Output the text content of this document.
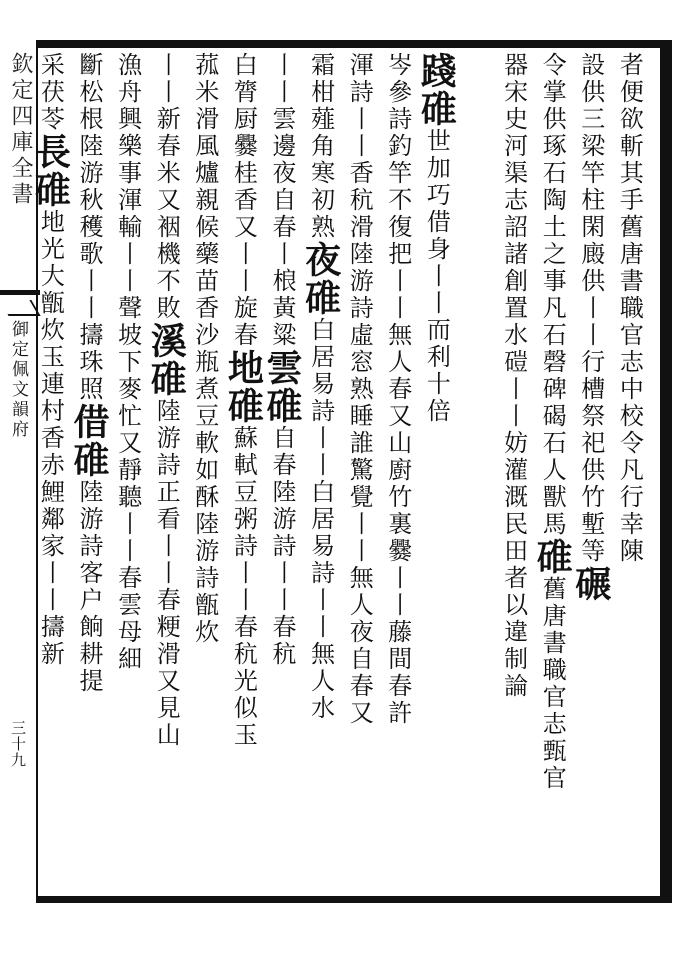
欽定四庫全書
御定佩文韻府
三十九
者便欲斬其手舊唐書職官志中校令凡行幸陳
設供三梁竿柱閑廄供丨丨行槽祭祀供竹塹等碾
令掌供琢石陶土之事凡石磬碑碣石人獸馬碓舊唐書職官志甄官
器宋史河渠志詔諸創置水磑丨丨妨灌溉民田者以違制論
踐碓世加巧借身丨丨而利十倍
岑參詩釣竿不復把丨丨無人春又山廚竹裏爨丨丨藤間春許
渾詩丨丨香秔滑陸游詩虛窓熟睡誰驚覺丨丨無人夜自春又
霜柑薤角寒初熟夜碓白居易詩丨丨白居易詩丨丨無人水
丨丨雲邊夜自春丨桹黃粱雲碓自春陸游詩丨丨春秔
白膂厨爨桂香又丨丨旋春地碓蘇軾豆粥詩丨丨春秔光似玉
菰米滑風爐親候藥苗香沙瓶煮豆軟如酥陸游詩甑炊
丨丨新春米又裀機不敗溪碓陸游詩正看丨丨春粳滑又見山
漁舟興樂事渾輸丨丨聲坡下麥忙又靜聽丨丨春雲母細
斷松根陸游秋穫歌丨丨擣珠照借碓陸游詩客户餉耕提
采茯苓長碓地光大甑炊玉連村香赤鯉鄰家丨丨擣新
